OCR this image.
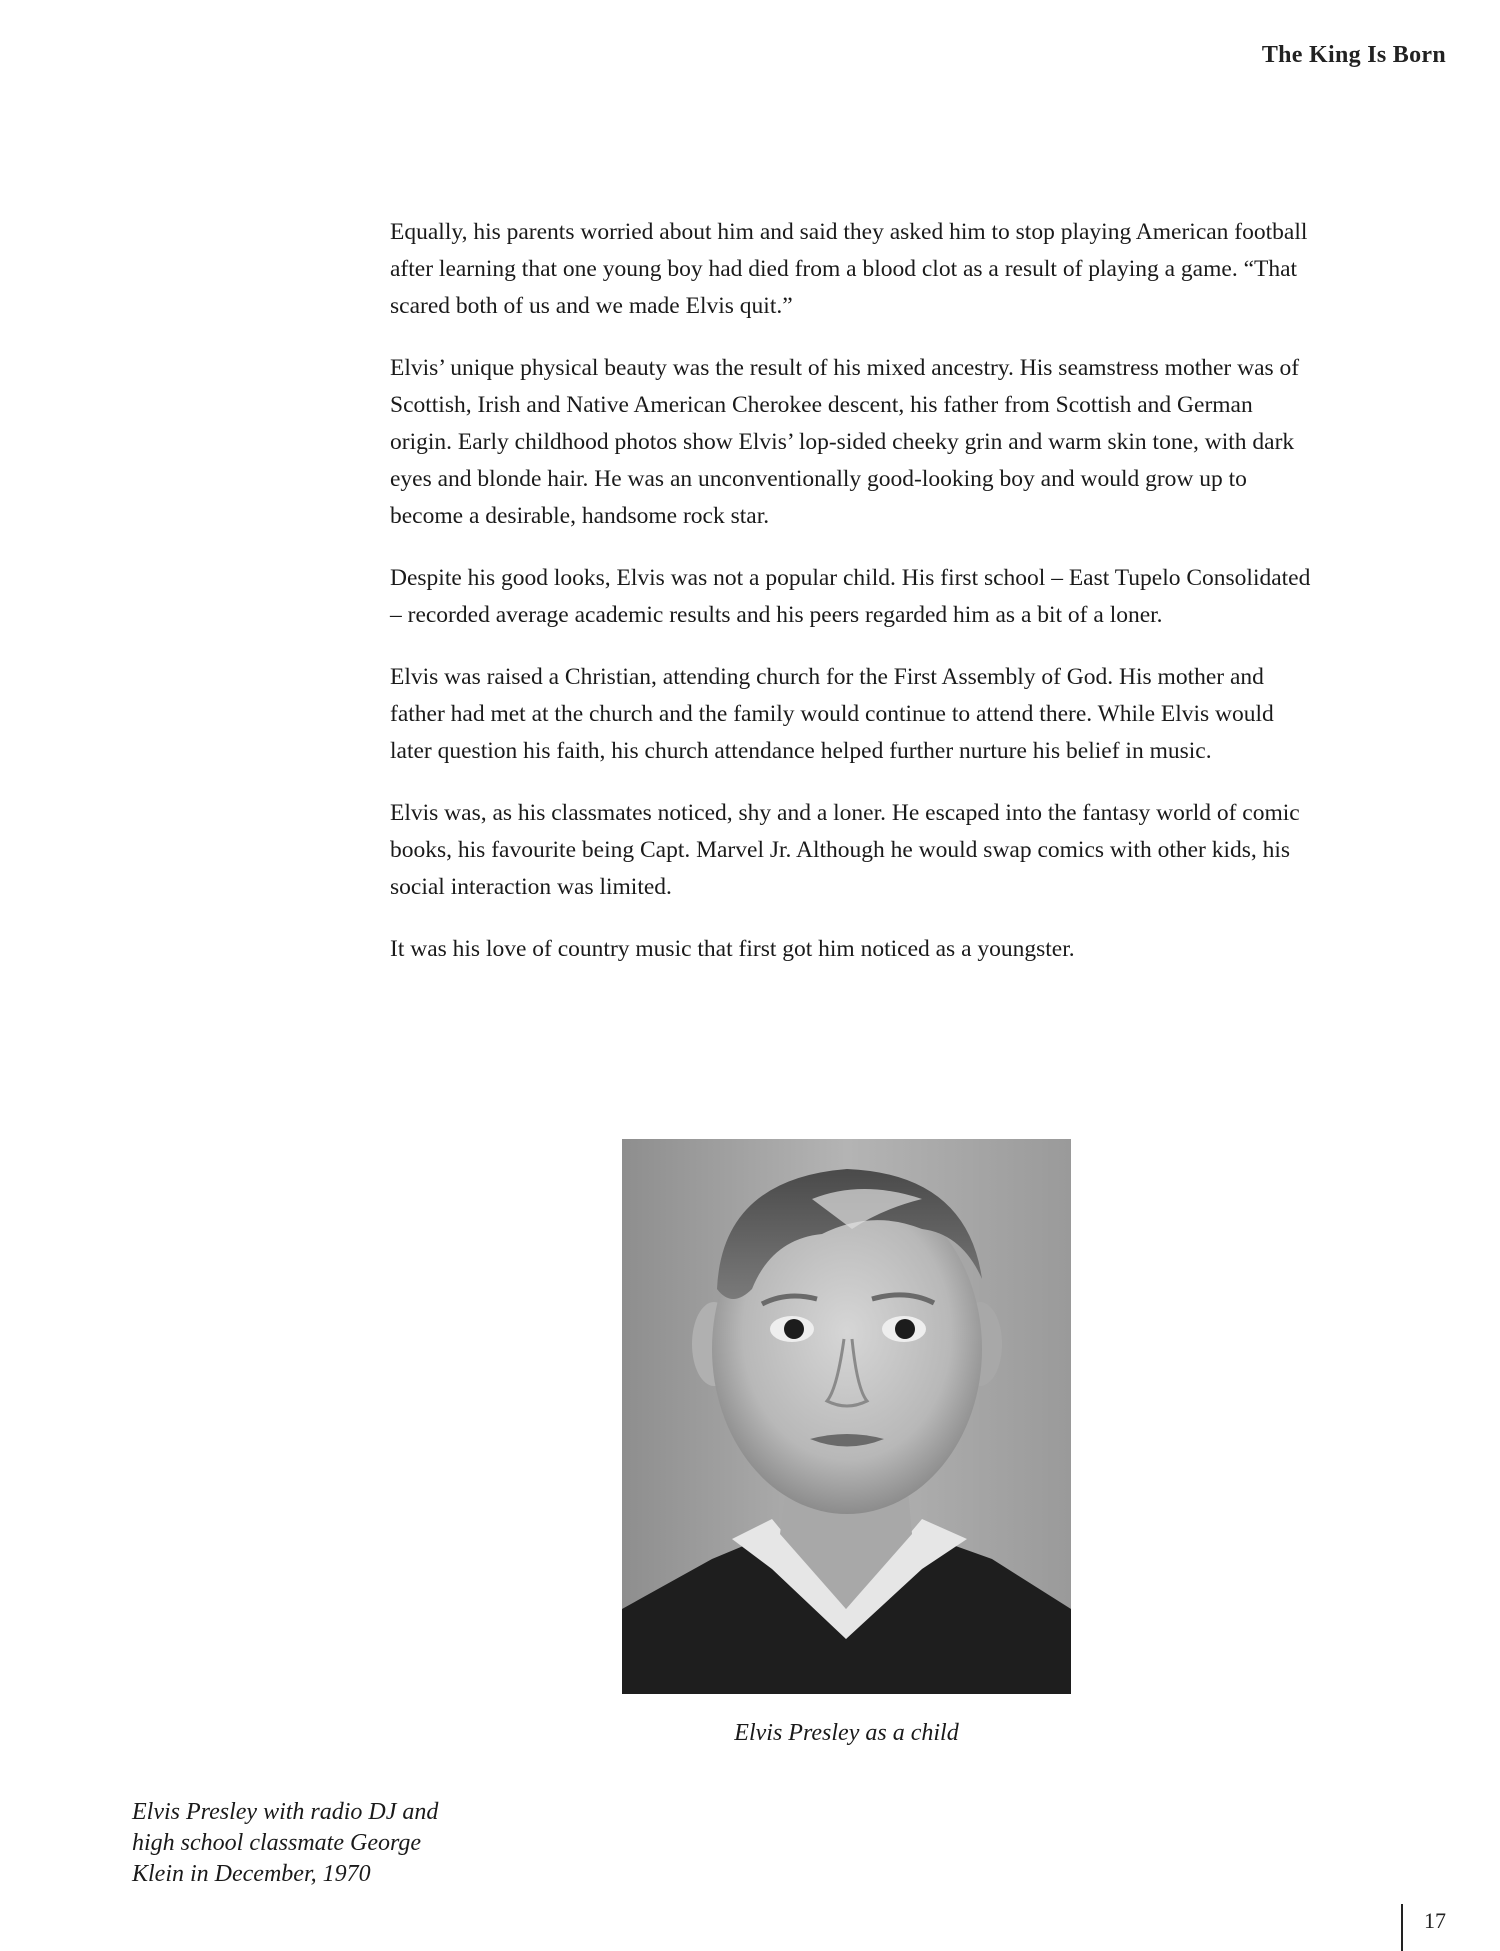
The King Is Born

Equally, his parents worried about him and said they asked him to stop playing American football after learning that one young boy had died from a blood clot as a result of playing a game. “That scared both of us and we made Elvis quit.”

Elvis’ unique physical beauty was the result of his mixed ancestry. His seamstress mother was of Scottish, Irish and Native American Cherokee descent, his father from Scottish and German origin. Early childhood photos show Elvis’ lop-sided cheeky grin and warm skin tone, with dark eyes and blonde hair. He was an unconventionally good-looking boy and would grow up to become a desirable, handsome rock star.

Despite his good looks, Elvis was not a popular child. His first school – East Tupelo Consolidated – recorded average academic results and his peers regarded him as a bit of a loner.

Elvis was raised a Christian, attending church for the First Assembly of God. His mother and father had met at the church and the family would continue to attend there. While Elvis would later question his faith, his church attendance helped further nurture his belief in music.

Elvis was, as his classmates noticed, shy and a loner. He escaped into the fantasy world of comic books, his favourite being Capt. Marvel Jr. Although he would swap comics with other kids, his social interaction was limited.

It was his love of country music that first got him noticed as a youngster.

Elvis Presley as a child
Elvis Presley with radio DJ and
high school classmate George
Klein in December, 1970
17
